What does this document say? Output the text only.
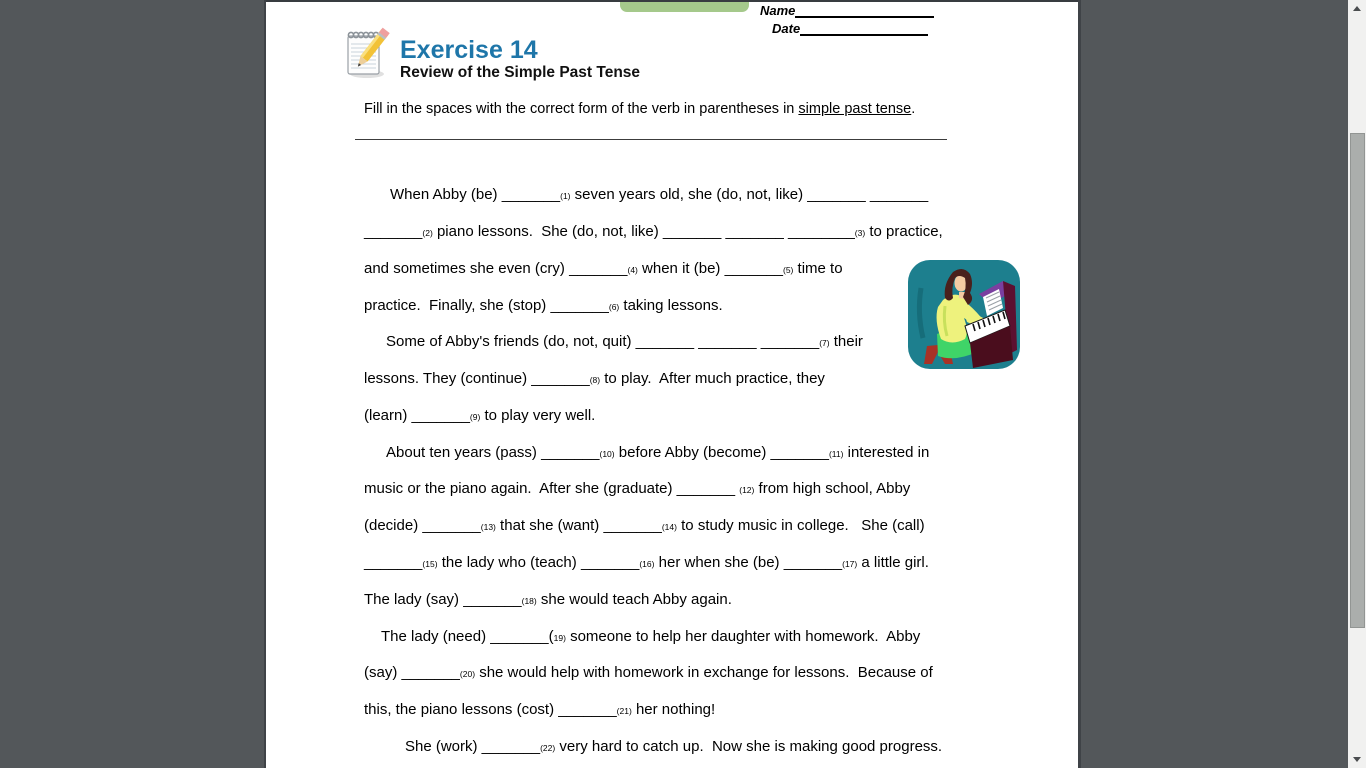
Name
Date
Exercise 14
Review of the Simple Past Tense
Fill in the spaces with the correct form of the verb in parentheses in simple past tense.
When Abby (be) _______(1) seven years old, she (do, not, like) _______ _______
_______(2) piano lessons.  She (do, not, like) _______ _______ ________(3) to practice,
and sometimes she even (cry) _______(4) when it (be) _______(5) time to
practice.  Finally, she (stop) _______(6) taking lessons.
Some of Abby's friends (do, not, quit) _______ _______ _______(7) their
lessons. They (continue) _______(8) to play.  After much practice, they
(learn) _______(9) to play very well.
About ten years (pass) _______(10) before Abby (become) _______(11) interested in
music or the piano again.  After she (graduate) _______ (12) from high school, Abby
(decide) _______(13) that she (want) _______(14) to study music in college.   She (call)
_______(15) the lady who (teach) _______(16) her when she (be) _______(17) a little girl.
The lady (say) _______(18) she would teach Abby again.
The lady (need) _______(19) someone to help her daughter with homework.  Abby
(say) _______(20) she would help with homework in exchange for lessons.  Because of
this, the piano lessons (cost) _______(21) her nothing!
She (work) _______(22) very hard to catch up.  Now she is making good progress.
